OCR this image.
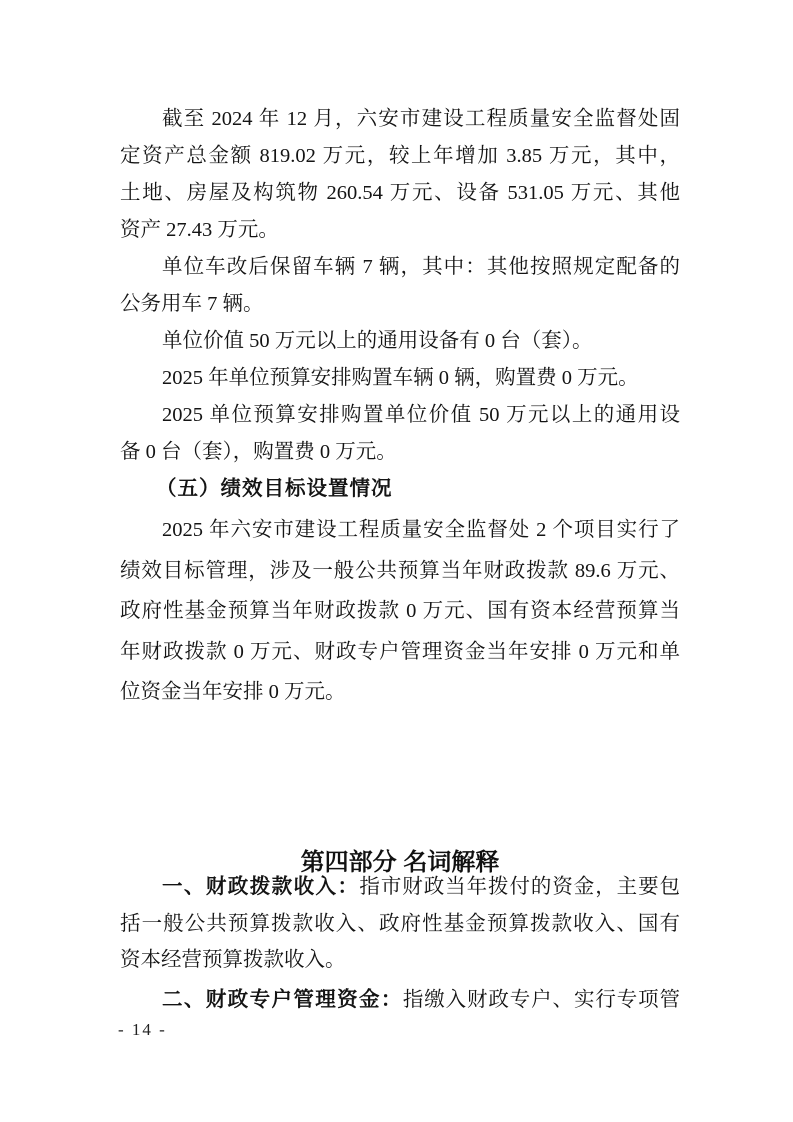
截至 2024 年 12 月，六安市建设工程质量安全监督处固
定资产总金额 819.02 万元，较上年增加 3.85 万元，其中，
土地、房屋及构筑物 260.54 万元、设备 531.05 万元、其他
资产 27.43 万元。
单位车改后保留车辆 7 辆，其中：其他按照规定配备的
公务用车 7 辆。
单位价值 50 万元以上的通用设备有 0 台（套）。
2025 年单位预算安排购置车辆 0 辆，购置费 0 万元。
2025 单位预算安排购置单位价值 50 万元以上的通用设
备 0 台（套），购置费 0 万元。
（五）绩效目标设置情况
2025 年六安市建设工程质量安全监督处 2 个项目实行了
绩效目标管理，涉及一般公共预算当年财政拨款 89.6 万元、
政府性基金预算当年财政拨款 0 万元、国有资本经营预算当
年财政拨款 0 万元、财政专户管理资金当年安排 0 万元和单
位资金当年安排 0 万元。
第四部分 名词解释
一、财政拨款收入：指市财政当年拨付的资金，主要包
括一般公共预算拨款收入、政府性基金预算拨款收入、国有
资本经营预算拨款收入。
二、财政专户管理资金：指缴入财政专户、实行专项管
- 14 -
